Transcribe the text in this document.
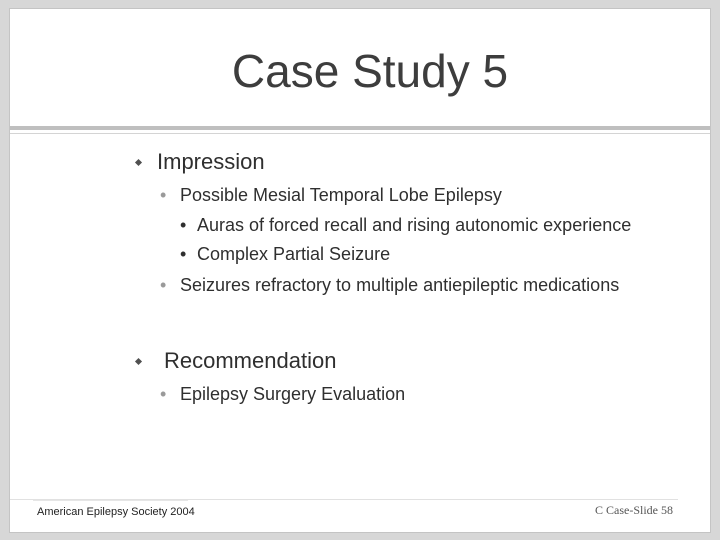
Case Study 5
Impression
• Possible Mesial Temporal Lobe Epilepsy
• Auras of forced recall and rising autonomic experience
• Complex Partial Seizure
• Seizures refractory to multiple antiepileptic medications
Recommendation
• Epilepsy Surgery Evaluation
American Epilepsy Society 2004	C Case-Slide 58
